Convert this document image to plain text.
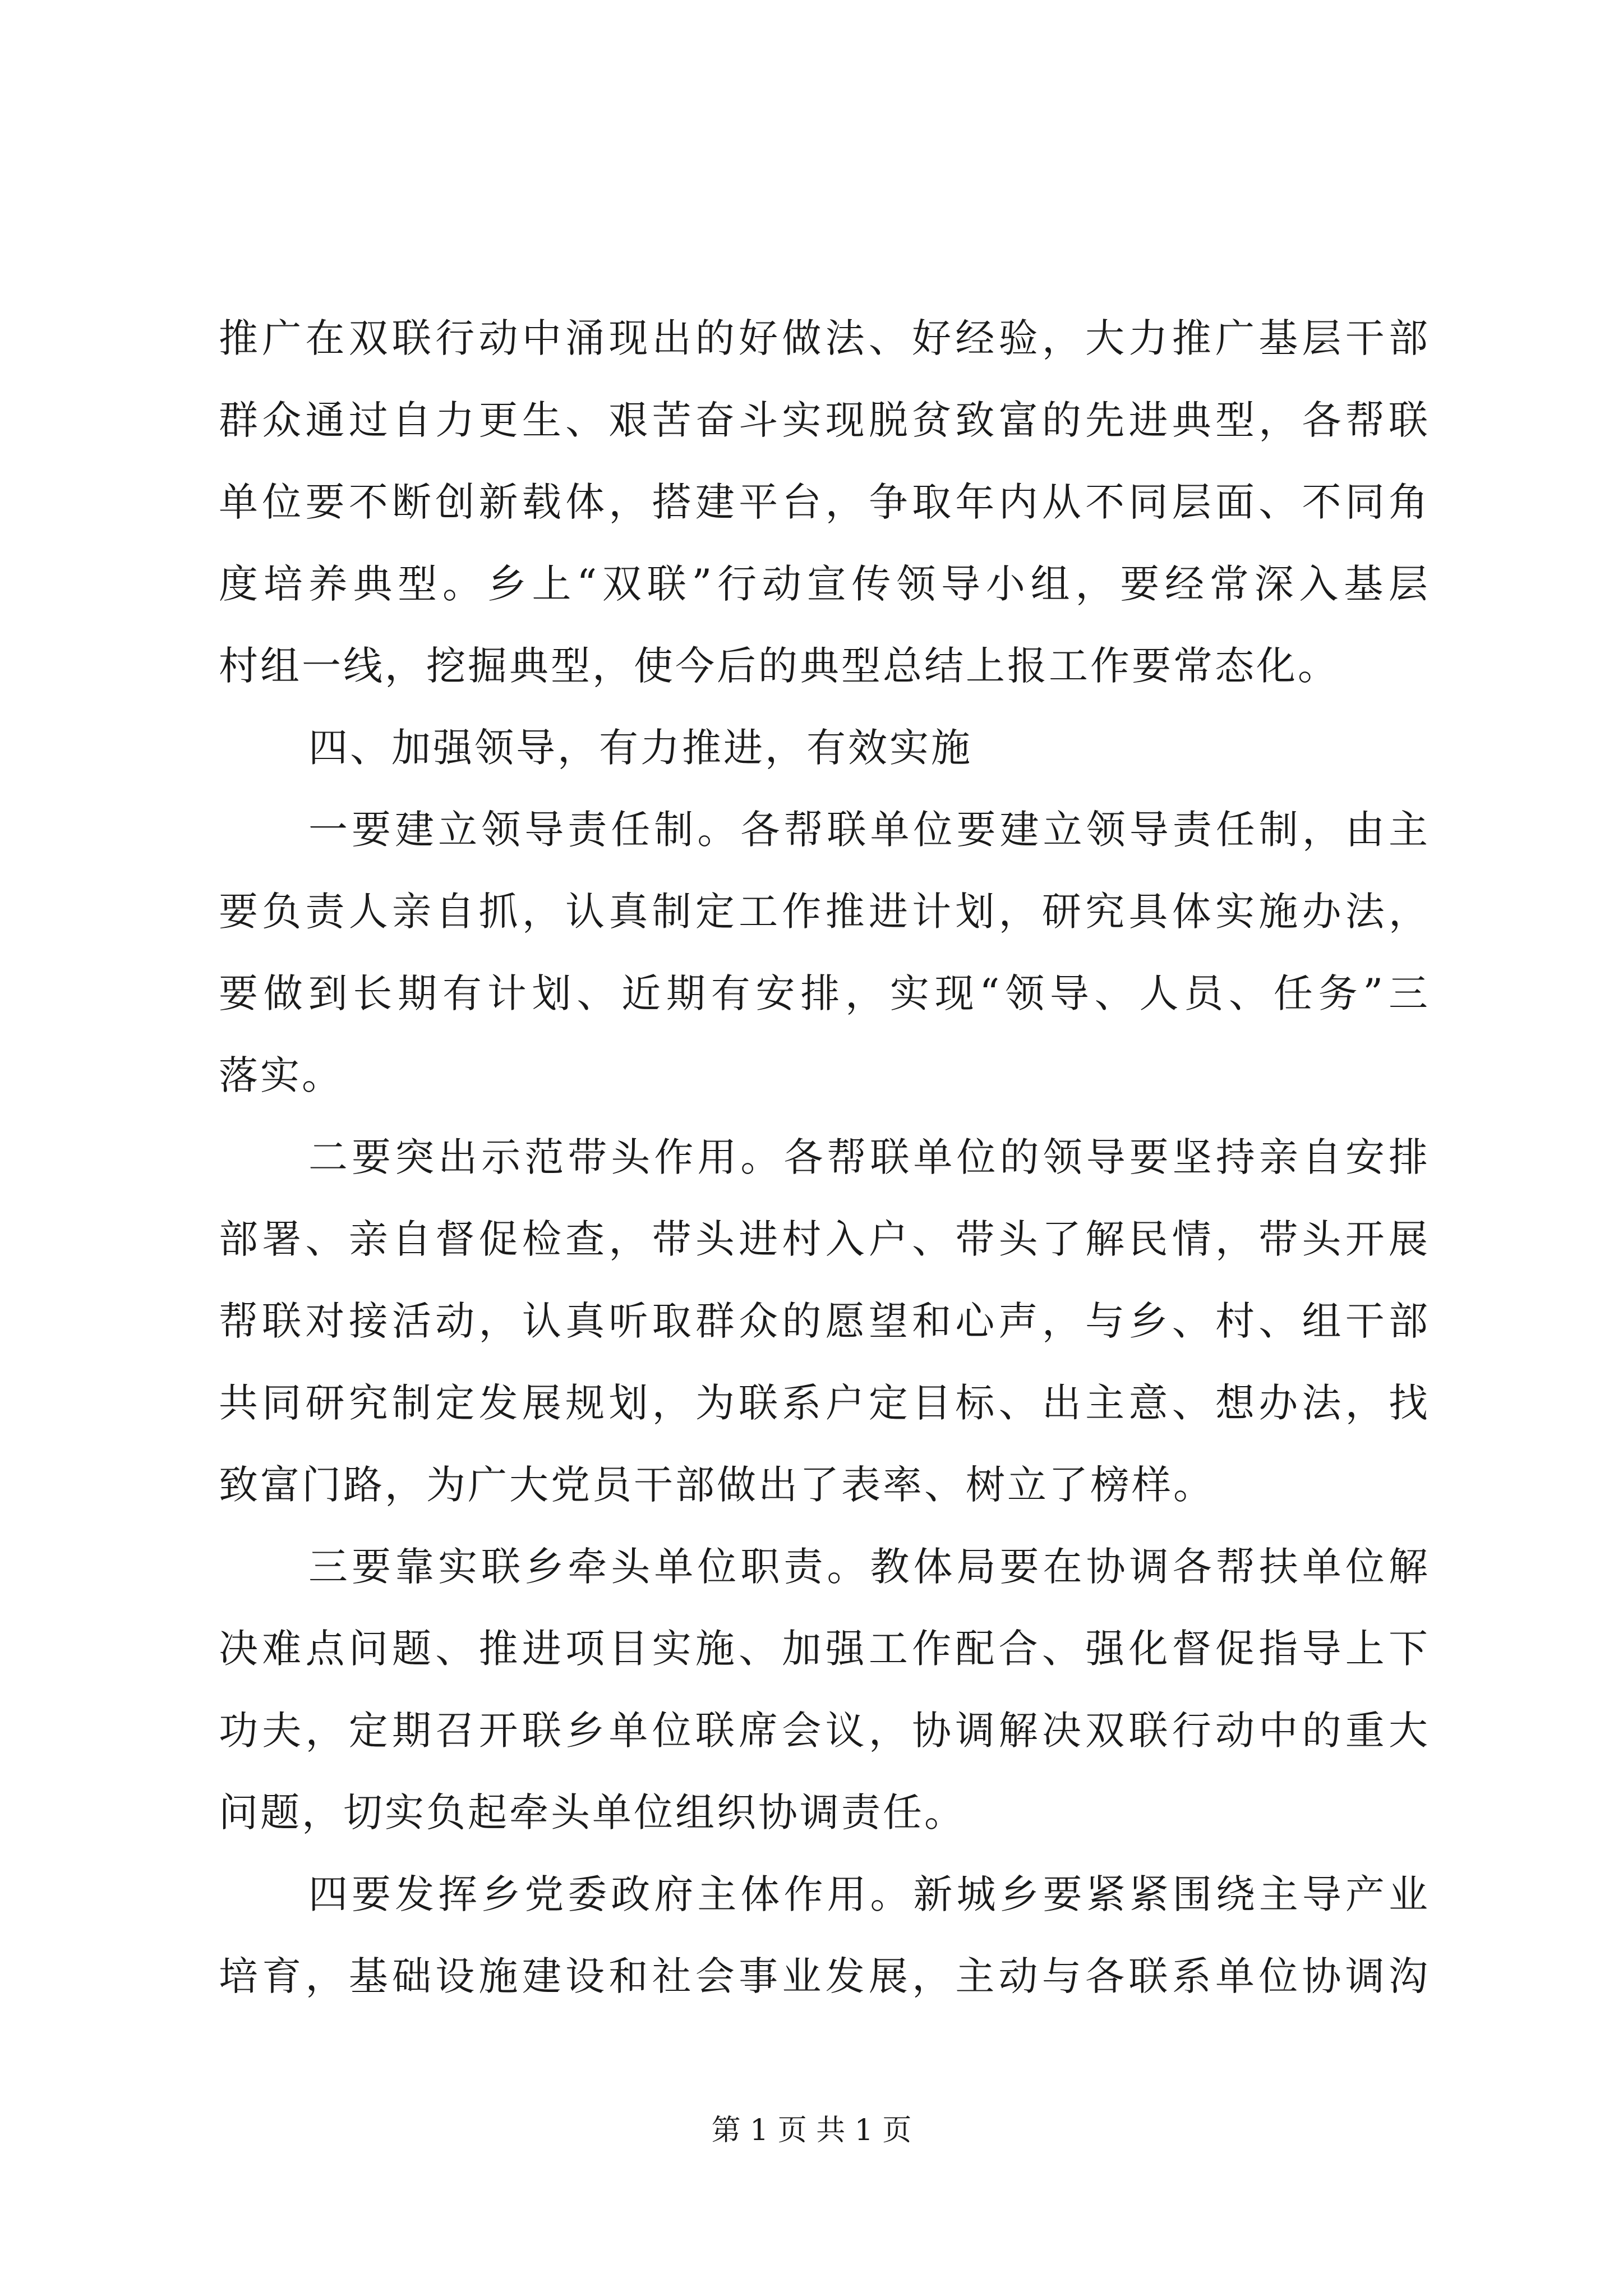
推广在双联行动中涌现出的好做法、好经验，大力推广基层干部
群众通过自力更生、艰苦奋斗实现脱贫致富的先进典型，各帮联
单位要不断创新载体，搭建平台，争取年内从不同层面、不同角
度培养典型。乡上“双联”行动宣传领导小组，要经常深入基层
村组一线，挖掘典型，使今后的典型总结上报工作要常态化。
四、加强领导，有力推进，有效实施
一要建立领导责任制。各帮联单位要建立领导责任制，由主
要负责人亲自抓，认真制定工作推进计划，研究具体实施办法，
要做到长期有计划、近期有安排，实现“领导、人员、任务”三
落实。
二要突出示范带头作用。各帮联单位的领导要坚持亲自安排
部署、亲自督促检查，带头进村入户、带头了解民情，带头开展
帮联对接活动，认真听取群众的愿望和心声，与乡、村、组干部
共同研究制定发展规划，为联系户定目标、出主意、想办法，找
致富门路，为广大党员干部做出了表率、树立了榜样。
三要靠实联乡牵头单位职责。教体局要在协调各帮扶单位解
决难点问题、推进项目实施、加强工作配合、强化督促指导上下
功夫，定期召开联乡单位联席会议，协调解决双联行动中的重大
问题，切实负起牵头单位组织协调责任。
四要发挥乡党委政府主体作用。新城乡要紧紧围绕主导产业
培育，基础设施建设和社会事业发展，主动与各联系单位协调沟
第 1 页 共 1 页
